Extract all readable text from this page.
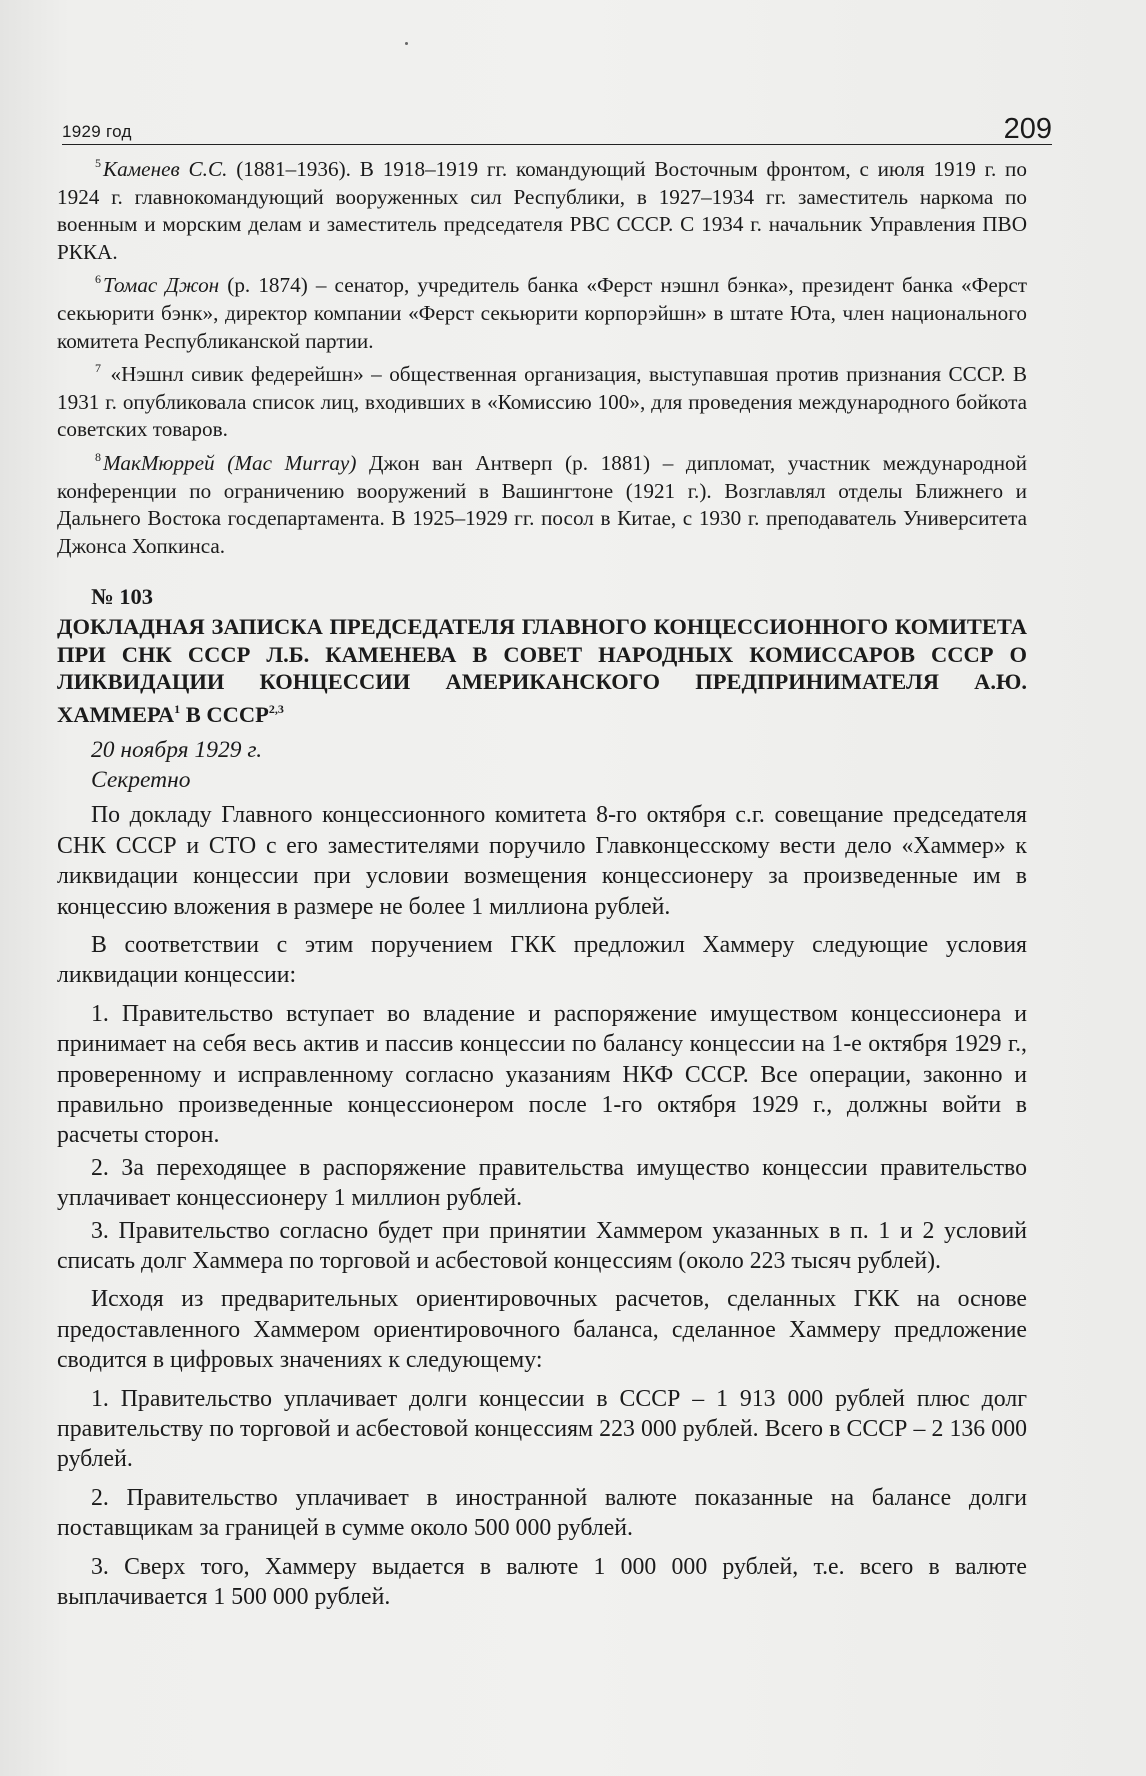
1929 год	209

$^5$Каменев С.С. (1881–1936). В 1918–1919 гг. командующий Восточным фронтом, с июля 1919 г. по 1924 г. главнокомандующий вооруженных сил Республики, в 1927–1934 гг. заместитель наркома по военным и морским делам и заместитель председателя РВС СССР. С 1934 г. начальник Управления ПВО РККА.

$^6$Томас Джон (р. 1874) – сенатор, учредитель банка «Ферст нэшнл бэнка», президент банка «Ферст секьюрити бэнк», директор компании «Ферст секьюрити корпорэйшн» в штате Юта, член национального комитета Республиканской партии.

$^7$ «Нэшнл сивик федерейшн» – общественная организация, выступавшая против признания СССР. В 1931 г. опубликовала список лиц, входивших в «Комиссию 100», для проведения международного бойкота советских товаров.

$^8$МакМюррей (Mac Murray) Джон ван Антверп (р. 1881) – дипломат, участник международной конференции по ограничению вооружений в Вашингтоне (1921 г.). Возглавлял отделы Ближнего и Дальнего Востока госдепартамента. В 1925–1929 гг. посол в Китае, с 1930 г. преподаватель Университета Джонса Хопкинса.

№ 103

ДОКЛАДНАЯ ЗАПИСКА ПРЕДСЕДАТЕЛЯ ГЛАВНОГО КОНЦЕССИОННОГО КОМИТЕТА ПРИ СНК СССР Л.Б. КАМЕНЕВА В СОВЕТ НАРОДНЫХ КОМИССАРОВ СССР О ЛИКВИДАЦИИ КОНЦЕССИИ АМЕРИКАНСКОГО ПРЕДПРИНИМАТЕЛЯ А.Ю. ХАММЕРА$^1$ В СССР$^{2,3}$

20 ноября 1929 г.
Секретно

По докладу Главного концессионного комитета 8-го октября с.г. совещание председателя СНК СССР и СТО с его заместителями поручило Главконцесскому вести дело «Хаммер» к ликвидации концессии при условии возмещения концессионеру за произведенные им в концессию вложения в размере не более 1 миллиона рублей.

В соответствии с этим поручением ГКК предложил Хаммеру следующие условия ликвидации концессии:

1. Правительство вступает во владение и распоряжение имуществом концессионера и принимает на себя весь актив и пассив концессии по балансу концессии на 1-е октября 1929 г., проверенному и исправленному согласно указаниям НКФ СССР. Все операции, законно и правильно произведенные концессионером после 1-го октября 1929 г., должны войти в расчеты сторон.

2. За переходящее в распоряжение правительства имущество концессии правительство уплачивает концессионеру 1 миллион рублей.

3. Правительство согласно будет при принятии Хаммером указанных в п. 1 и 2 условий списать долг Хаммера по торговой и асбестовой концессиям (около 223 тысяч рублей).

Исходя из предварительных ориентировочных расчетов, сделанных ГКК на основе предоставленного Хаммером ориентировочного баланса, сделанное Хаммеру предложение сводится в цифровых значениях к следующему:

1. Правительство уплачивает долги концессии в СССР – 1 913 000 рублей плюс долг правительству по торговой и асбестовой концессиям 223 000 рублей. Всего в СССР – 2 136 000 рублей.

2. Правительство уплачивает в иностранной валюте показанные на балансе долги поставщикам за границей в сумме около 500 000 рублей.

3. Сверх того, Хаммеру выдается в валюте 1 000 000 рублей, т.е. всего в валюте выплачивается 1 500 000 рублей.
